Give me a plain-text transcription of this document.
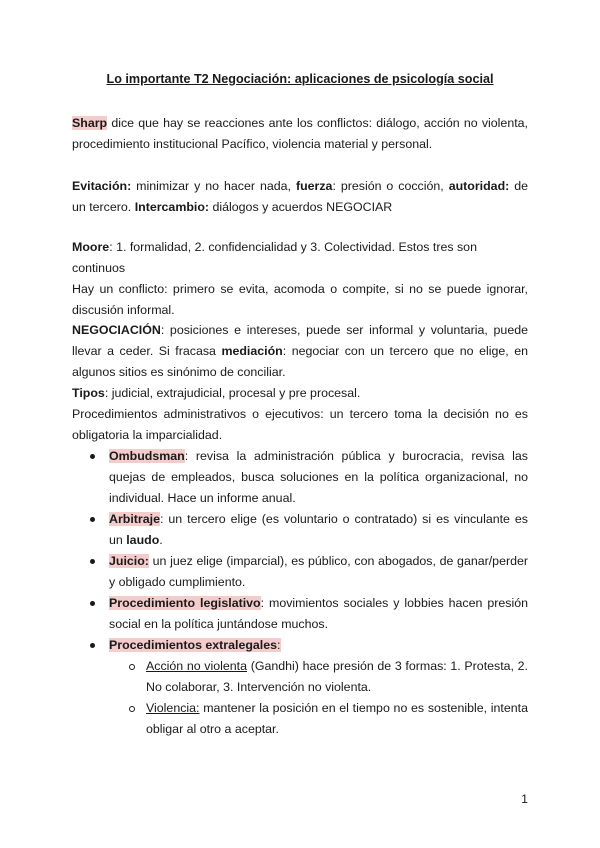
Lo importante T2 Negociación: aplicaciones de psicología social

Sharp dice que hay se reacciones ante los conflictos: diálogo, acción no violenta, procedimiento institucional Pacífico, violencia material y personal.

Evitación: minimizar y no hacer nada, fuerza: presión o cocción, autoridad: de un tercero. Intercambio: diálogos y acuerdos NEGOCIAR

Moore: 1. formalidad, 2. confidencialidad y 3. Colectividad. Estos tres son continuos

Hay un conflicto: primero se evita, acomoda o compite, si no se puede ignorar, discusión informal.

NEGOCIACIÓN: posiciones e intereses, puede ser informal y voluntaria, puede llevar a ceder. Si fracasa mediación: negociar con un tercero que no elige, en algunos sitios es sinónimo de conciliar.

Tipos: judicial, extrajudicial, procesal y pre procesal.

Procedimientos administrativos o ejecutivos: un tercero toma la decisión no es obligatoria la imparcialidad.

Ombudsman: revisa la administración pública y burocracia, revisa las quejas de empleados, busca soluciones en la política organizacional, no individual. Hace un informe anual.
Arbitraje: un tercero elige (es voluntario o contratado) si es vinculante es un laudo.
Juicio: un juez elige (imparcial), es público, con abogados, de ganar/perder y obligado cumplimiento.
Procedimiento legislativo: movimientos sociales y lobbies hacen presión social en la política juntándose muchos.
Procedimientos extralegales:
Acción no violenta (Gandhi) hace presión de 3 formas: 1. Protesta, 2. No colaborar, 3. Intervención no violenta.
Violencia: mantener la posición en el tiempo no es sostenible, intenta obligar al otro a aceptar.
1
